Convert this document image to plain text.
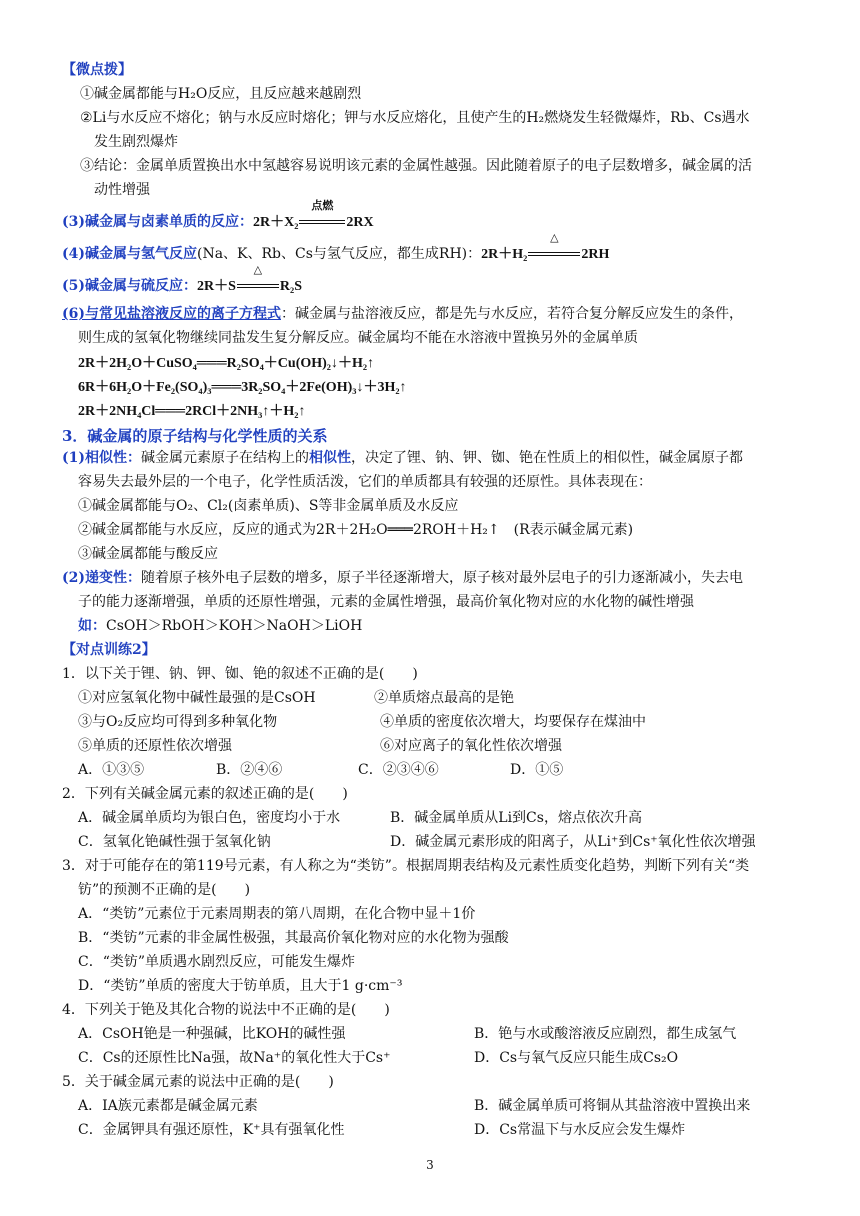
【微点拨】
①碱金属都能与H₂O反应，且反应越来越剧烈
②Li与水反应不熔化；钠与水反应时熔化；钾与水反应熔化，且使产生的H₂燃烧发生轻微爆炸，Rb、Cs遇水
发生剧烈爆炸
③结论：金属单质置换出水中氢越容易说明该元素的金属性越强。因此随着原子的电子层数增多，碱金属的活
动性增强
(3)碱金属与卤素单质的反应：2R＋X₂
点燃
2RX
(4)碱金属与氢气反应(Na、K、Rb、Cs与氢气反应，都生成RH)：2R＋H₂
△
2RH
(5)碱金属与硫反应：2R＋S
△
R₂S
(6)与常见盐溶液反应的离子方程式：碱金属与盐溶液反应，都是先与水反应，若符合复分解反应发生的条件，
则生成的氢氧化物继续同盐发生复分解反应。碱金属均不能在水溶液中置换另外的金属单质
2R＋2H₂O＋CuSO₄═══R₂SO₄＋Cu(OH)₂↓＋H₂↑
6R＋6H₂O＋Fe₂(SO₄)₃═══3R₂SO₄＋2Fe(OH)₃↓＋3H₂↑
2R＋2NH₄Cl═══2RCl＋2NH₃↑＋H₂↑
3．碱金属的原子结构与化学性质的关系
(1)相似性：碱金属元素原子在结构上的相似性，决定了锂、钠、钾、铷、铯在性质上的相似性，碱金属原子都
容易失去最外层的一个电子，化学性质活泼，它们的单质都具有较强的还原性。具体表现在：
①碱金属都能与O₂、Cl₂(卤素单质)、S等非金属单质及水反应
②碱金属都能与水反应，反应的通式为2R＋2H₂O═══2ROH＋H₂↑　(R表示碱金属元素)
③碱金属都能与酸反应
(2)递变性：随着原子核外电子层数的增多，原子半径逐渐增大，原子核对最外层电子的引力逐渐减小，失去电
子的能力逐渐增强，单质的还原性增强，元素的金属性增强，最高价氧化物对应的水化物的碱性增强
如：CsOH＞RbOH＞KOH＞NaOH＞LiOH
【对点训练2】
1．以下关于锂、钠、钾、铷、铯的叙述不正确的是(　　)
①对应氢氧化物中碱性最强的是CsOH	②单质熔点最高的是铯
③与O₂反应均可得到多种氧化物	④单质的密度依次增大，均要保存在煤油中
⑤单质的还原性依次增强	⑥对应离子的氧化性依次增强
A．①③⑤	B．②④⑥	C．②③④⑥	D．①⑤
2．下列有关碱金属元素的叙述正确的是(　　)
A．碱金属单质均为银白色，密度均小于水	B．碱金属单质从Li到Cs，熔点依次升高
C．氢氧化铯碱性强于氢氧化钠	D．碱金属元素形成的阳离子，从Li⁺到Cs⁺氧化性依次增强
3．对于可能存在的第119号元素，有人称之为“类钫”。根据周期表结构及元素性质变化趋势，判断下列有关“类
钫”的预测不正确的是(　　)
A．“类钫”元素位于元素周期表的第八周期，在化合物中显＋1价
B．“类钫”元素的非金属性极强，其最高价氧化物对应的水化物为强酸
C．“类钫”单质遇水剧烈反应，可能发生爆炸
D．“类钫”单质的密度大于钫单质，且大于1 g·cm⁻³
4．下列关于铯及其化合物的说法中不正确的是(　　)
A．CsOH铯是一种强碱，比KOH的碱性强	B．铯与水或酸溶液反应剧烈，都生成氢气
C．Cs的还原性比Na强，故Na⁺的氧化性大于Cs⁺	D．Cs与氧气反应只能生成Cs₂O
5．关于碱金属元素的说法中正确的是(　　)
A．IA族元素都是碱金属元素	B．碱金属单质可将铜从其盐溶液中置换出来
C．金属钾具有强还原性，K⁺具有强氧化性	D．Cs常温下与水反应会发生爆炸
3
